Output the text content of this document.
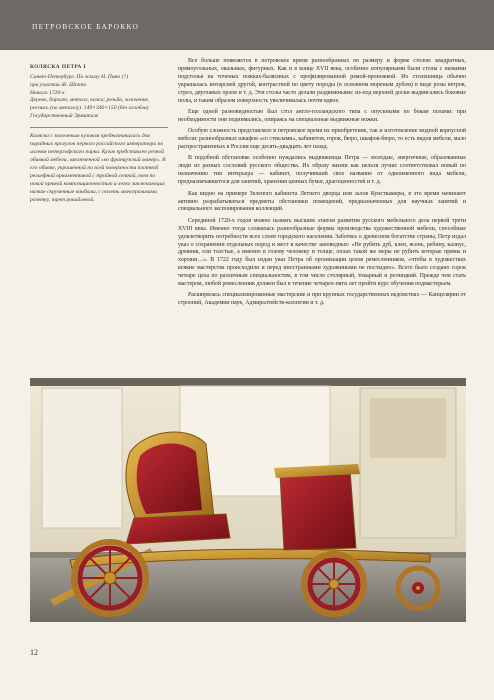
ПЕТРОВСКОЕ БАРОККО
КОЛЯСКА ПЕТРА I
Санкт-Петербург. По эскизу Н. Пино (?)
при участии Ж. Шоппа
Начало 1720-х
Дерево, бархат, металл, кожа; резьба, золочение,
роспись (по металлу). 149×340×150 (без оглобли)
Государственный Эрмитаж
Коляска с золоченым кузовом предназначалась для парадных прогулок первого российского императора по аллеям петергофского парка. Кузов представлен резной обивкой мебели, заключенной «во французский манер». В его обивке, украшенной по всей поверхности плотной рельефной орнаментикой с тройной сеткой, тем по новой прямой композиционностью и легко заключающих низкие скрученные кандалы, с оплеть монограммами розетку, трет рокайлевой.

Все больше появляется в петровское время разнообразных по размеру и форме столов: квадратных, прямоугольных, овальных, фигурных. Как и в конце XVII века, особенно популярными были столы с низкими подстолья на точеных ножках-балясинах с профилированной рамой-проножкой. Их столешница обычно украшалась интарсией другой, контрастной по цвету породы (в основном мореным дубом) в виде розы ветров, стрел, двуглавых орлов и т. д. Эти столы часто делали раздвижными: из-под верхней доски выдвигались боковые полы, и таким образом поверхность увеличивалась почти вдвое.

Еще одной разновидностью был стол англо-голландского типа с опускными по бокам полами: при необходимости они поднимались, опираясь на специальные выдвижные ножки.

Особую сложность представляло в петровское время их приобретение, так и изготовление модной корпусной мебели: разнообразных шкафов «со стеклами», кабинетов, горок, бюро, шкафов-бюро, то есть видов мебели, мало распространенных в России еще десять-двадцать лет назад.

В подобной обстановке особенно нуждались выдвиженцы Петра — молодые, энергичные, образованные люди из разных сословий русского общества. Их образу жизни как нельзя лучше соответствовал новый по назначению тип интерьера — кабинет, получивший свое название от одноименного вида мебели, предназначавшегося для занятий, хранения ценных бумаг, драгоценностей и т. д.

Как видно на примере Зеленого кабинета Летнего дворца или залов Кунсткамеры, в это время начинают активно разрабатываться предметы обстановки помещений, предназначенных для научных занятий и специального экспонирования коллекций.

Серединой 1720-х годов можно назвать высшим этапом развития русского мебельного дела первой трети XVIII века. Именно тогда сложилась разнообразные формы производства художественной мебели, способные удовлетворить потребности всех слоев городского населения. Заботясь о древесном богатстве страны, Петр издал указ о сохранении отдельных пород и мест в качестве заповедных: «Не рубить дуб, клен, ясень, ребину, калиус, древник, ели толстые, а именно в голову человеку и толще, оплах такой же меры не рубить которые прямы и хороши…». В 1722 году был издан указ Петра об организации цехов ремесленников, «чтобы в художествах всякие мастерства происходили и перед иностранными художниками не постыдно». Всего было создано сорок четыре цеха по различным специальностям, в том числе столярный, токарный и резчицкий. Прежде чем стать мастером, любой ремесленник должен был в течение четырех-пяти лет пройти курс обучения подмастерьем.

Расширялась специализированные мастерские и при крупных государственных ведомствах — Канцелярии от строений, Академии наук, Адмиралтейств-коллегии и т. д.

12
